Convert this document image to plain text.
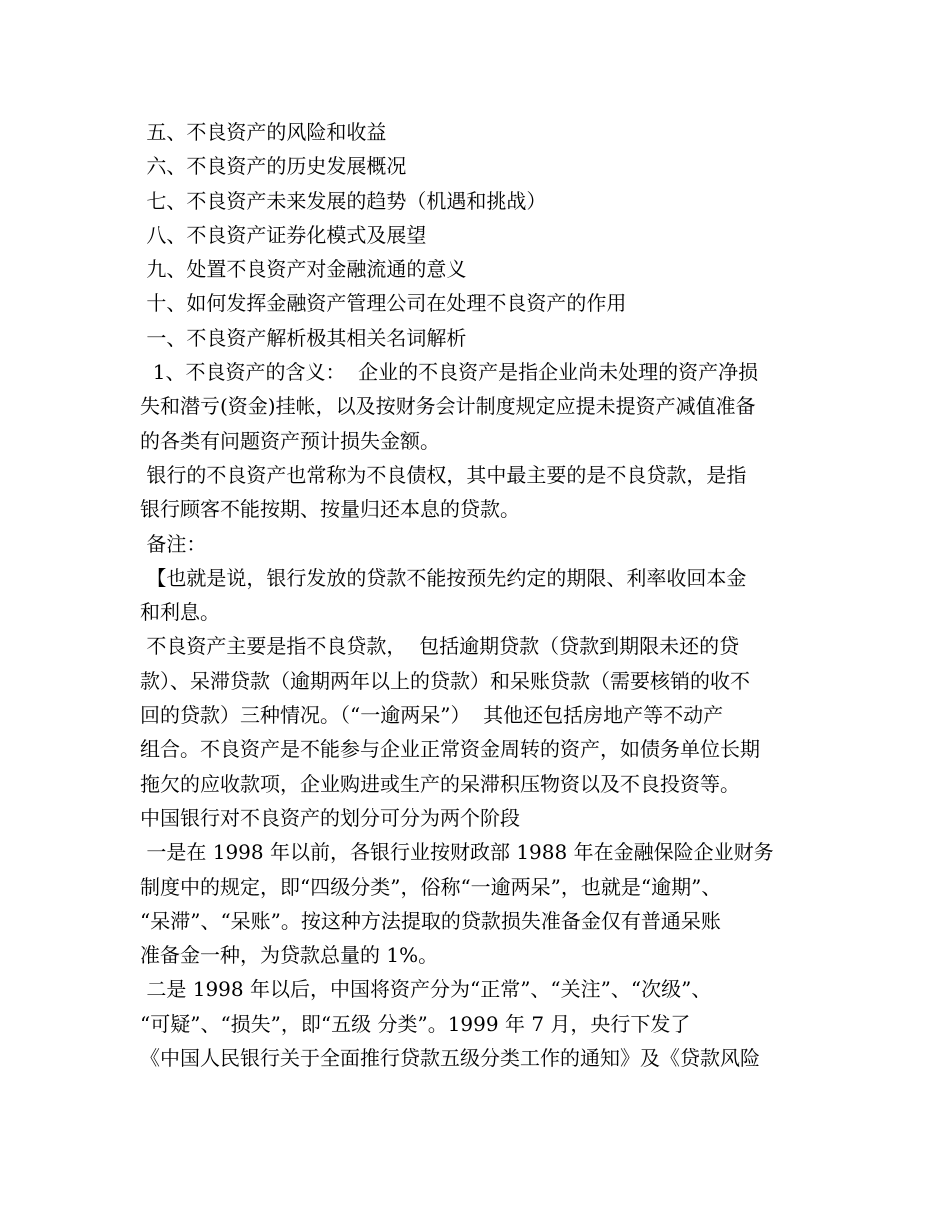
五、不良资产的风险和收益
六、不良资产的历史发展概况
七、不良资产未来发展的趋势（机遇和挑战）
八、不良资产证券化模式及展望
九、处置不良资产对金融流通的意义
十、如何发挥金融资产管理公司在处理不良资产的作用
一、不良资产解析极其相关名词解析
1、不良资产的含义：  企业的不良资产是指企业尚未处理的资产净损
失和潜亏(资金)挂帐，以及按财务会计制度规定应提未提资产减值准备
的各类有问题资产预计损失金额。
银行的不良资产也常称为不良债权，其中最主要的是不良贷款，是指
银行顾客不能按期、按量归还本息的贷款。
备注：
【也就是说，银行发放的贷款不能按预先约定的期限、利率收回本金
和利息。
不良资产主要是指不良贷款，  包括逾期贷款（贷款到期限未还的贷
款）、呆滞贷款（逾期两年以上的贷款）和呆账贷款（需要核销的收不
回的贷款）三种情况。（“一逾两呆”）  其他还包括房地产等不动产
组合。不良资产是不能参与企业正常资金周转的资产，如债务单位长期
拖欠的应收款项，企业购进或生产的呆滞积压物资以及不良投资等。
中国银行对不良资产的划分可分为两个阶段
一是在 1998 年以前，各银行业按财政部 1988 年在金融保险企业财务
制度中的规定，即“四级分类”，俗称“一逾两呆”，也就是“逾期”、
“呆滞”、“呆账”。按这种方法提取的贷款损失准备金仅有普通呆账
准备金一种，为贷款总量的 1%。
二是 1998 年以后，中国将资产分为“正常”、“关注”、“次级”、
“可疑”、“损失”，即“五级 分类”。1999 年 7 月，央行下发了
《中国人民银行关于全面推行贷款五级分类工作的通知》及《贷款风险
